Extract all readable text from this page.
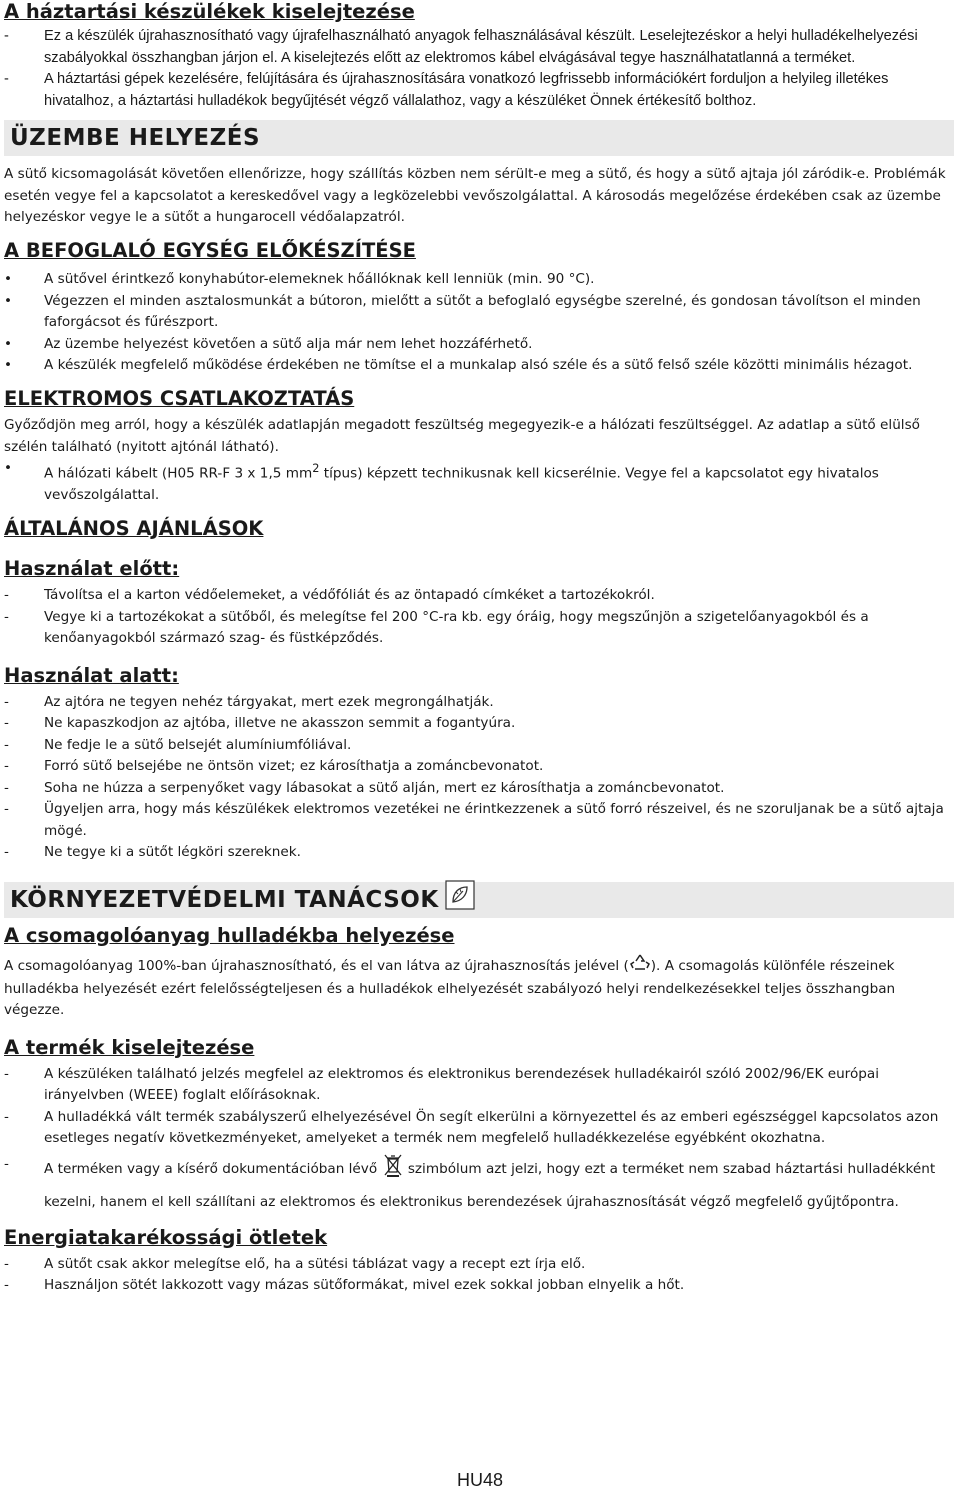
A háztartási készülékek kiselejtezése
-	Ez a készülék újrahasznosítható vagy újrafelhasználható anyagok felhasználásával készült. Leselejtezéskor a helyi hulladékelhelyezési szabályokkal összhangban járjon el. A kiselejtezés előtt az elektromos kábel elvágásával tegye használhatatlanná a terméket.
-	A háztartási gépek kezelésére, felújítására és újrahasznosítására vonatkozó legfrissebb információkért forduljon a helyileg illetékes hivatalhoz, a háztartási hulladékok begyűjtését végző vállalathoz, vagy a készüléket Önnek értékesítő bolthoz.
ÜZEMBE HELYEZÉS

A sütő kicsomagolását követően ellenőrizze, hogy szállítás közben nem sérült-e meg a sütő, és hogy a sütő ajtaja jól záródik-e. Problémák esetén vegye fel a kapcsolatot a kereskedővel vagy a legközelebbi vevőszolgálattal. A károsodás megelőzése érdekében csak az üzembe helyezéskor vegye le a sütőt a hungarocell védőalapzatról.

A BEFOGLALÓ EGYSÉG ELŐKÉSZÍTÉSE
•	A sütővel érintkező konyhabútor-elemeknek hőállóknak kell lenniük (min. 90 °C).
•	Végezzen el minden asztalosmunkát a bútoron, mielőtt a sütőt a befoglaló egységbe szerelné, és gondosan távolítson el minden faforgácsot és fűrészport.
•	Az üzembe helyezést követően a sütő alja már nem lehet hozzáférhető.
•	A készülék megfelelő működése érdekében ne tömítse el a munkalap alsó széle és a sütő felső széle közötti minimális hézagot.
ELEKTROMOS CSATLAKOZTATÁS

Győződjön meg arról, hogy a készülék adatlapján megadott feszültség megegyezik-e a hálózati feszültséggel. Az adatlap a sütő elülső szélén található (nyitott ajtónál látható).

•	A hálózati kábelt (H05 RR-F 3 x 1,5 $mm^2$ típus) képzett technikusnak kell kicserélnie. Vegye fel a kapcsolatot egy hivatalos vevőszolgálattal.
ÁLTALÁNOS AJÁNLÁSOK
Használat előtt:
-	Távolítsa el a karton védőelemeket, a védőfóliát és az öntapadó címkéket a tartozékokról.
-	Vegye ki a tartozékokat a sütőből, és melegítse fel 200 °C-ra kb. egy óráig, hogy megszűnjön a szigetelőanyagokból és a kenőanyagokból származó szag- és füstképződés.
Használat alatt:
-	Az ajtóra ne tegyen nehéz tárgyakat, mert ezek megrongálhatják.
-	Ne kapaszkodjon az ajtóba, illetve ne akasszon semmit a fogantyúra.
-	Ne fedje le a sütő belsejét alumíniumfóliával.
-	Forró sütő belsejébe ne öntsön vizet; ez károsíthatja a zománcbevonatot.
-	Soha ne húzza a serpenyőket vagy lábasokat a sütő alján, mert ez károsíthatja a zománcbevonatot.
-	Ügyeljen arra, hogy más készülékek elektromos vezetékei ne érintkezzenek a sütő forró részeivel, és ne szoruljanak be a sütő ajtaja mögé.
-	Ne tegye ki a sütőt légköri szereknek.
KÖRNYEZETVÉDELMI TANÁCSOK
A csomagolóanyag hulladékba helyezése

A csomagolóanyag 100%-ban újrahasznosítható, és el van látva az újrahasznosítás jelével ( ). A csomagolás különféle részeinek hulladékba helyezését ezért felelősségteljesen és a hulladékok elhelyezését szabályozó helyi rendelkezésekkel teljes összhangban végezze.

A termék kiselejtezése
-	A készüléken található jelzés megfelel az elektromos és elektronikus berendezések hulladékairól szóló 2002/96/EK európai irányelvben (WEEE) foglalt előírásoknak.
-	A hulladékká vált termék szabályszerű elhelyezésével Ön segít elkerülni a környezettel és az emberi egészséggel kapcsolatos azon esetleges negatív következményeket, amelyeket a termék nem megfelelő hulladékkezelése egyébként okozhatna.
-	A terméken vagy a kísérő dokumentációban lévő szimbólum azt jelzi, hogy ezt a terméket nem szabad háztartási hulladékként kezelni, hanem el kell szállítani az elektromos és elektronikus berendezések újrahasznosítását végző megfelelő gyűjtőpontra.
Energiatakarékossági ötletek
-	A sütőt csak akkor melegítse elő, ha a sütési táblázat vagy a recept ezt írja elő.
-	Használjon sötét lakkozott vagy mázas sütőformákat, mivel ezek sokkal jobban elnyelik a hőt.
HU48
